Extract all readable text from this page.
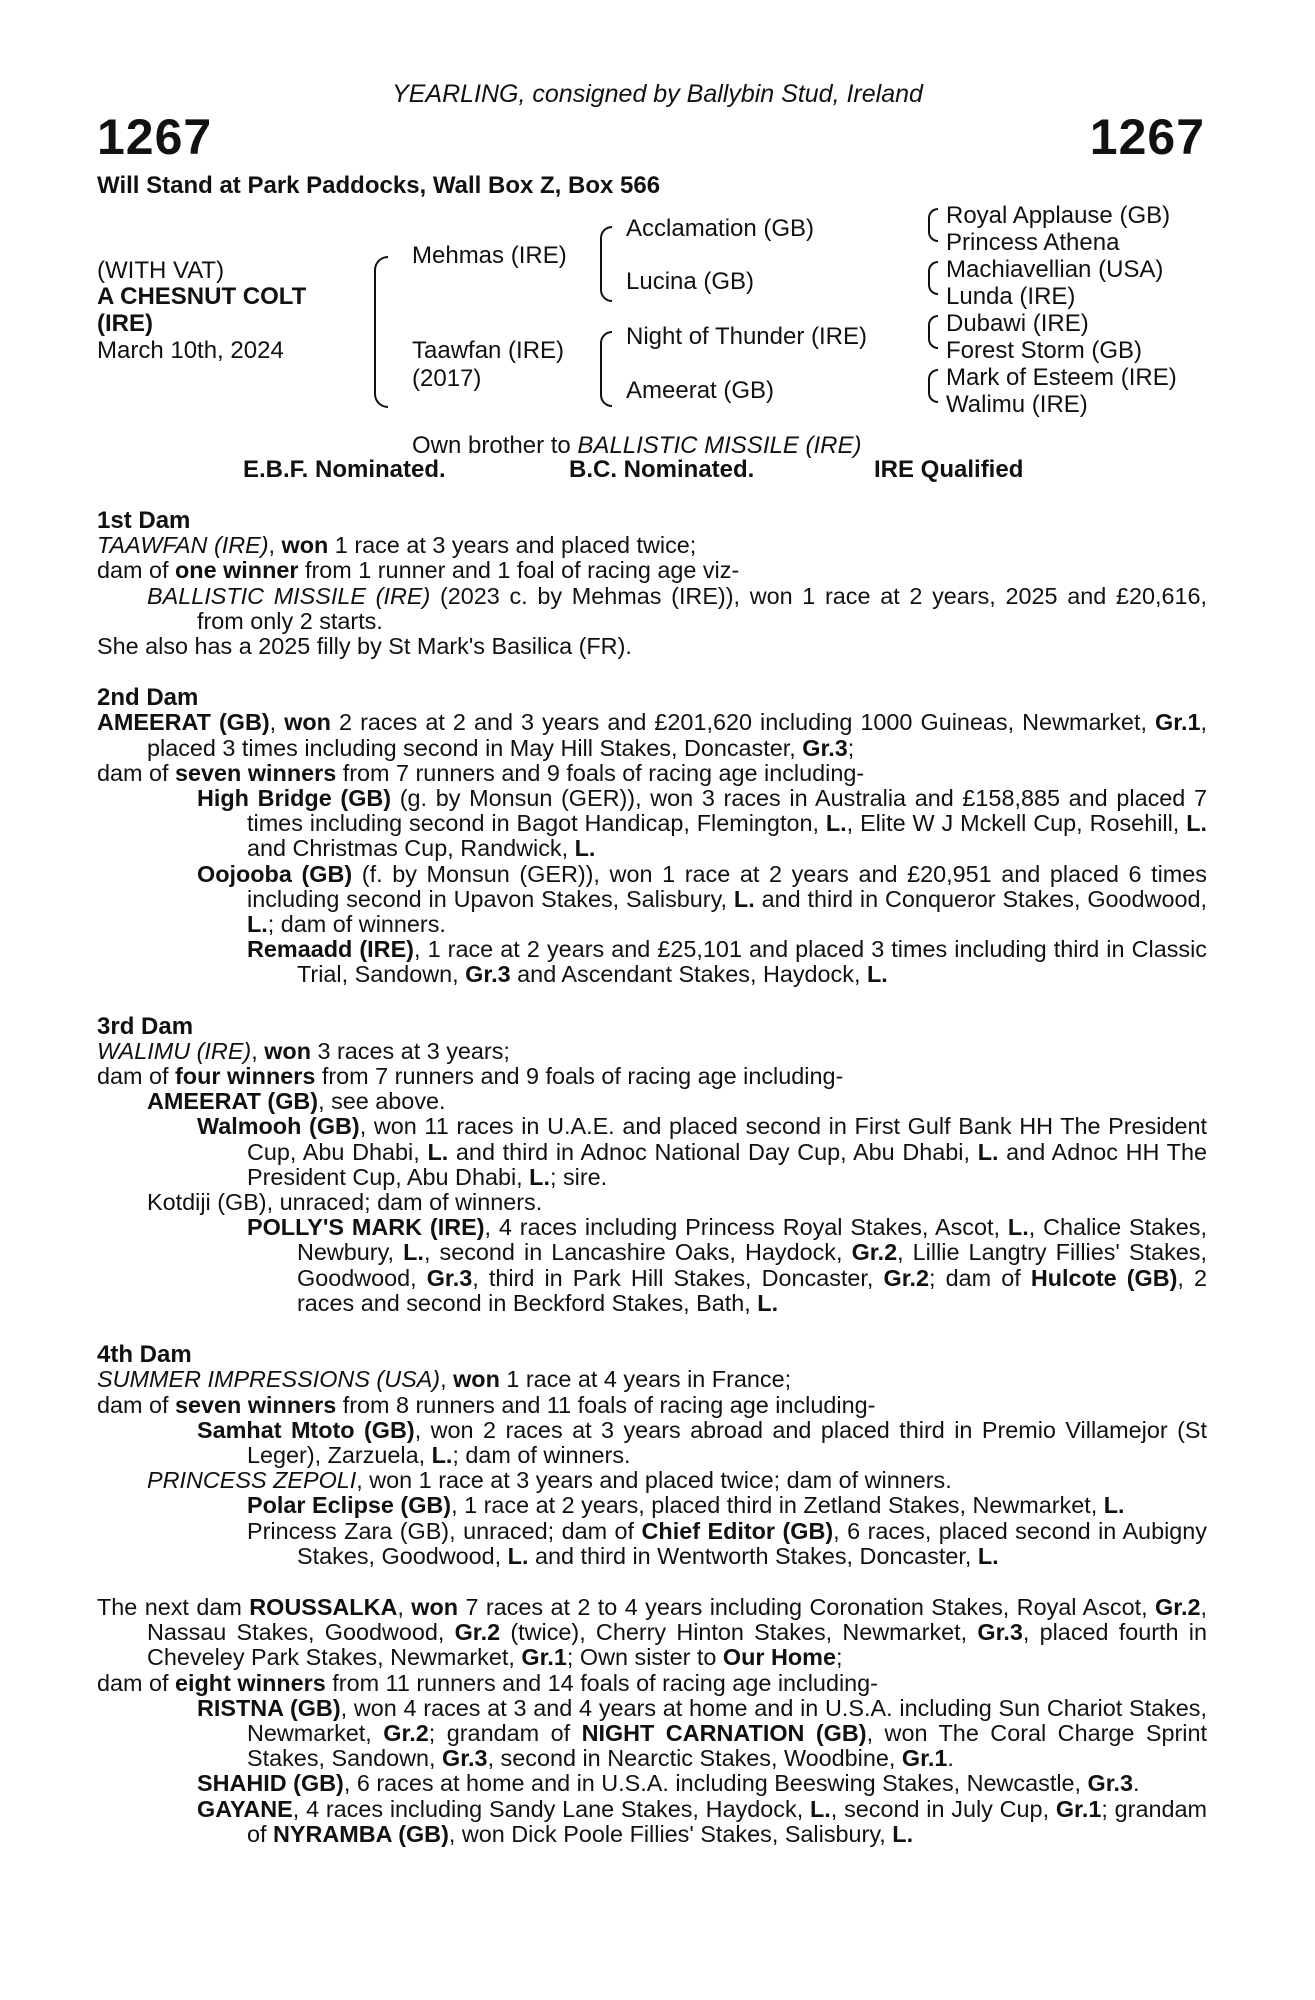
1267	1267
YEARLING, consigned by Ballybin Stud, Ireland
Will Stand at Park Paddocks, Wall Box Z, Box 566
(WITH VAT)
A CHESNUT COLT
(IRE)
March 10th, 2024
Mehmas (IRE)
Taawfan (IRE)
(2017)
Acclamation (GB)
Lucina (GB)
Night of Thunder (IRE)
Ameerat (GB)
Royal Applause (GB)
Princess Athena
Machiavellian (USA)
Lunda (IRE)
Dubawi (IRE)
Forest Storm (GB)
Mark of Esteem (IRE)
Walimu (IRE)
Own brother to BALLISTIC MISSILE (IRE)
E.B.F. Nominated.	B.C. Nominated.	IRE Qualified

1st Dam

TAAWFAN (IRE), won 1 race at 3 years and placed twice;

dam of one winner from 1 runner and 1 foal of racing age viz-

BALLISTIC MISSILE (IRE) (2023 c. by Mehmas (IRE)), won 1 race at 2 years, 2025 and £20,616, from only 2 starts.

She also has a 2025 filly by St Mark's Basilica (FR).

2nd Dam

AMEERAT (GB), won 2 races at 2 and 3 years and £201,620 including 1000 Guineas, Newmarket, Gr.1, placed 3 times including second in May Hill Stakes, Doncaster, Gr.3;

dam of seven winners from 7 runners and 9 foals of racing age including-

High Bridge (GB) (g. by Monsun (GER)), won 3 races in Australia and £158,885 and placed 7 times including second in Bagot Handicap, Flemington, L., Elite W J Mckell Cup, Rosehill, L. and Christmas Cup, Randwick, L.

Oojooba (GB) (f. by Monsun (GER)), won 1 race at 2 years and £20,951 and placed 6 times including second in Upavon Stakes, Salisbury, L. and third in Conqueror Stakes, Goodwood, L.; dam of winners.

Remaadd (IRE), 1 race at 2 years and £25,101 and placed 3 times including third in Classic Trial, Sandown, Gr.3 and Ascendant Stakes, Haydock, L.

3rd Dam

WALIMU (IRE), won 3 races at 3 years;

dam of four winners from 7 runners and 9 foals of racing age including-

AMEERAT (GB), see above.

Walmooh (GB), won 11 races in U.A.E. and placed second in First Gulf Bank HH The President Cup, Abu Dhabi, L. and third in Adnoc National Day Cup, Abu Dhabi, L. and Adnoc HH The President Cup, Abu Dhabi, L.; sire.

Kotdiji (GB), unraced; dam of winners.

POLLY'S MARK (IRE), 4 races including Princess Royal Stakes, Ascot, L., Chalice Stakes, Newbury, L., second in Lancashire Oaks, Haydock, Gr.2, Lillie Langtry Fillies' Stakes, Goodwood, Gr.3, third in Park Hill Stakes, Doncaster, Gr.2; dam of Hulcote (GB), 2 races and second in Beckford Stakes, Bath, L.

4th Dam

SUMMER IMPRESSIONS (USA), won 1 race at 4 years in France;

dam of seven winners from 8 runners and 11 foals of racing age including-

Samhat Mtoto (GB), won 2 races at 3 years abroad and placed third in Premio Villamejor (St Leger), Zarzuela, L.; dam of winners.

PRINCESS ZEPOLI, won 1 race at 3 years and placed twice; dam of winners.

Polar Eclipse (GB), 1 race at 2 years, placed third in Zetland Stakes, Newmarket, L.

Princess Zara (GB), unraced; dam of Chief Editor (GB), 6 races, placed second in Aubigny Stakes, Goodwood, L. and third in Wentworth Stakes, Doncaster, L.

The next dam ROUSSALKA, won 7 races at 2 to 4 years including Coronation Stakes, Royal Ascot, Gr.2, Nassau Stakes, Goodwood, Gr.2 (twice), Cherry Hinton Stakes, Newmarket, Gr.3, placed fourth in Cheveley Park Stakes, Newmarket, Gr.1; Own sister to Our Home;

dam of eight winners from 11 runners and 14 foals of racing age including-

RISTNA (GB), won 4 races at 3 and 4 years at home and in U.S.A. including Sun Chariot Stakes, Newmarket, Gr.2; grandam of NIGHT CARNATION (GB), won The Coral Charge Sprint Stakes, Sandown, Gr.3, second in Nearctic Stakes, Woodbine, Gr.1.

SHAHID (GB), 6 races at home and in U.S.A. including Beeswing Stakes, Newcastle, Gr.3.

GAYANE, 4 races including Sandy Lane Stakes, Haydock, L., second in July Cup, Gr.1; grandam of NYRAMBA (GB), won Dick Poole Fillies' Stakes, Salisbury, L.
